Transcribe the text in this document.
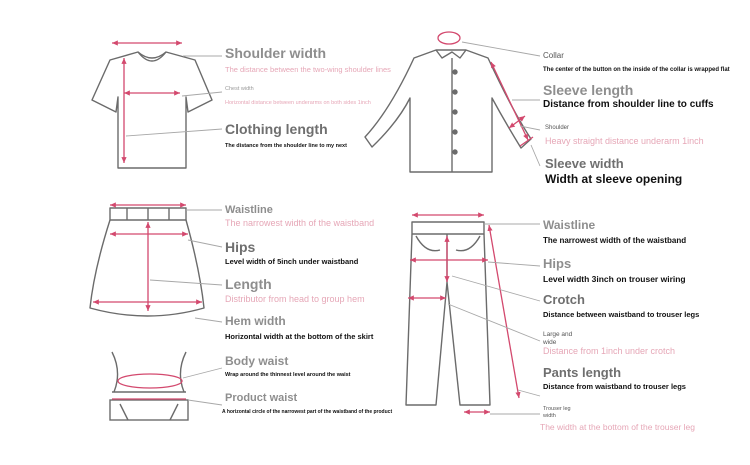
Shoulder width
The distance between the two-wing shoulder lines
Chest width
Horizontal distance between underarms on both sides 1inch
Clothing length
The distance from the shoulder line to my next
Collar
The center of the button on the inside of the collar is wrapped flat
Sleeve length
Distance from shoulder line to cuffs
Shoulder
Heavy straight distance underarm 1inch
Sleeve width
Width at sleeve opening
Waistline
The narrowest width of the waistband
Hips
Level width of 5inch under waistband
Length
Distributor from head to group hem
Hem width
Horizontal width at the bottom of the skirt
Body waist
Wrap around the thinnest level around the waist
Product waist
A horizontal circle of the narrowest part of the waistband of the product
Waistline
The narrowest width of the waistband
Hips
Level width 3inch on trouser wiring
Crotch
Distance between waistband to trouser legs
Large and wide
Distance from 1inch under crotch
Pants length
Distance from waistband to trouser legs
Trouser leg width
The width at the bottom of the trouser leg
